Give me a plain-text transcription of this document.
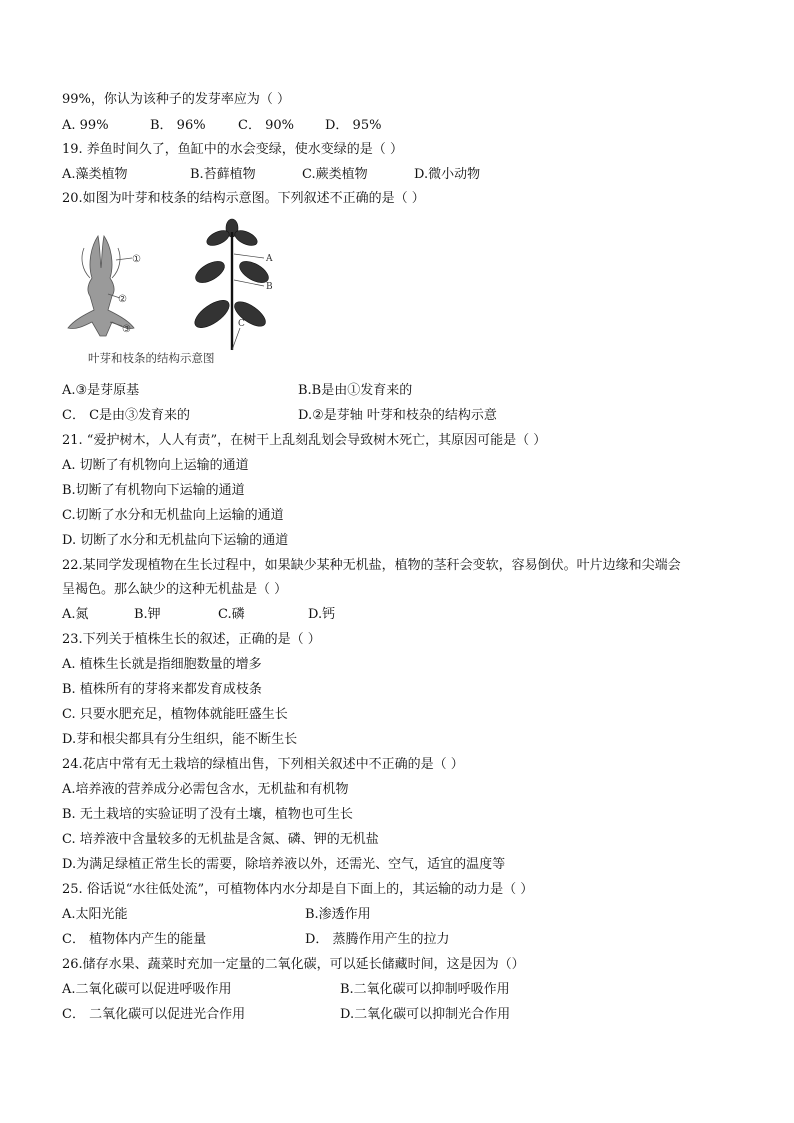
99%，你认为该种子的发芽率应为（ ）
A. 99%	B． 96% C． 90% D． 95%
19. 养鱼时间久了，鱼缸中的水会变绿，使水变绿的是（ ）
A.藻类植物	B.苔藓植物	C.蕨类植物	D.微小动物
20.如图为叶芽和枝条的结构示意图。下列叙述不正确的是（ ）
①
②
③
A
B
C
叶芽和枝条的结构示意图
A.③是芽原基	B.B是由①发育来的
C． C是由③发育来的	D.②是芽轴 叶芽和枝杂的结构示意
21. “爱护树木，人人有责”，在树干上乱刻乱划会导致树木死亡，其原因可能是（ ）
A. 切断了有机物向上运输的通道
B.切断了有机物向下运输的通道
C.切断了水分和无机盐向上运输的通道
D. 切断了水分和无机盐向下运输的通道
22.某同学发现植物在生长过程中，如果缺少某种无机盐，植物的茎秆会变软，容易倒伏。叶片边缘和尖端会
呈褐色。那么缺少的这种无机盐是（ ）
A.氮	B.钾	C.磷	D.钙
23.下列关于植株生长的叙述，正确的是（ ）
A. 植株生长就是指细胞数量的增多
B. 植株所有的芽将来都发育成枝条
C. 只要水肥充足，植物体就能旺盛生长
D.芽和根尖都具有分生组织，能不断生长
24.花店中常有无土栽培的绿植出售，下列相关叙述中不正确的是（ ）
A.培养液的营养成分必需包含水，无机盐和有机物
B. 无土栽培的实验证明了没有土壤，植物也可生长
C. 培养液中含量较多的无机盐是含氮、磷、钾的无机盐
D.为满足绿植正常生长的需要，除培养液以外，还需光、空气，适宜的温度等
25. 俗话说“水往低处流”，可植物体内水分却是自下面上的，其运输的动力是（ ）
A.太阳光能	B.渗透作用
C． 植物体内产生的能量	D． 蒸腾作用产生的拉力
26.储存水果、蔬菜时充加一定量的二氧化碳，可以延长储藏时间，这是因为（）
A.二氧化碳可以促进呼吸作用	B.二氧化碳可以抑制呼吸作用
C． 二氧化碳可以促进光合作用	D.二氧化碳可以抑制光合作用
